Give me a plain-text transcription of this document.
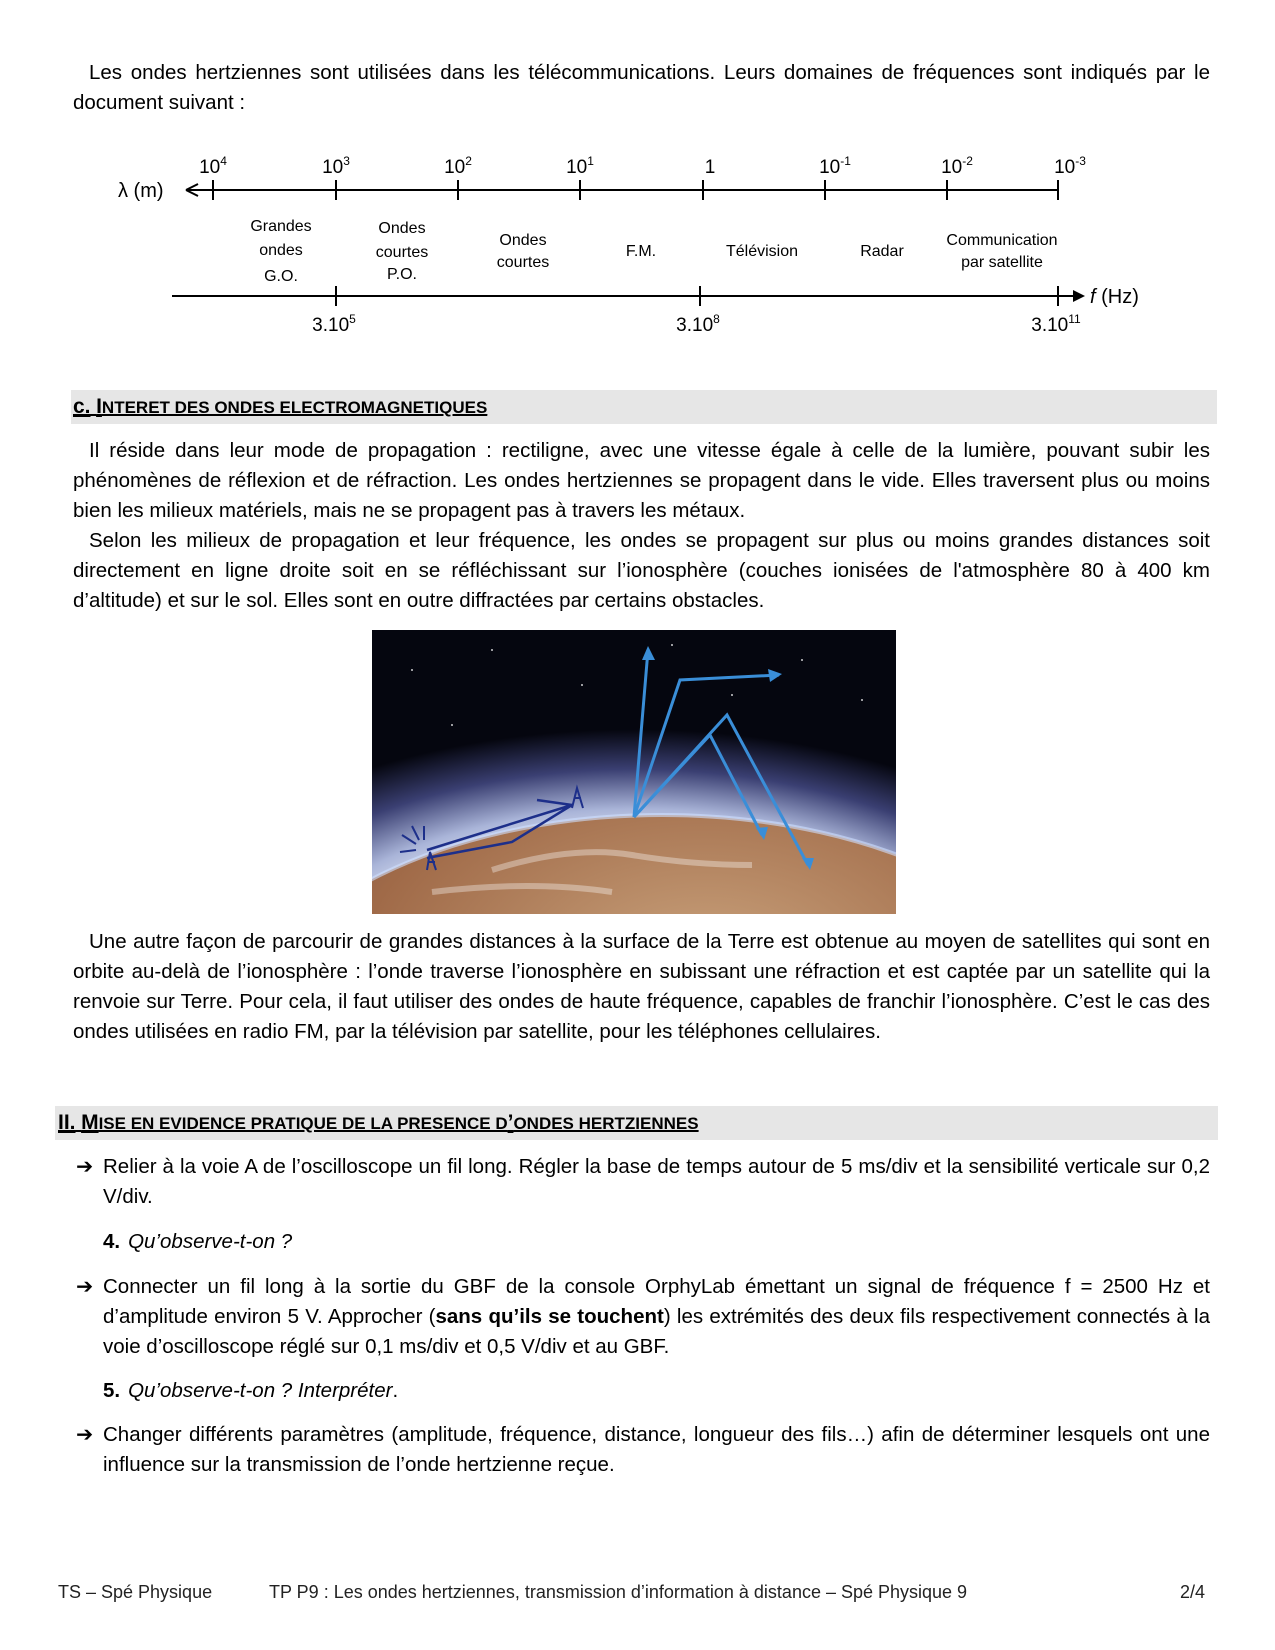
Les ondes hertziennes sont utilisées dans les télécommunications. Leurs domaines de fréquences sont indiqués par le document suivant :
λ (m)
$10^4$	$10^3$	$10^2$	$10^1$	1	$10^{-1}$	$10^{-2}$	$10^{-3}$
Grandes
ondes
G.O.
Ondes
courtes
P.O.
Ondes
courtes
F.M.	Télévision	Radar
Communication
par satellite
f (Hz)
3.10$^5$	3.10$^8$	3.10$^{11}$
c. INTERET DES ONDES ELECTROMAGNETIQUES
Il réside dans leur mode de propagation : rectiligne, avec une vitesse égale à celle de la lumière, pouvant subir les phénomènes de réflexion et de réfraction. Les ondes hertziennes se propagent dans le vide. Elles traversent plus ou moins bien les milieux matériels, mais ne se propagent pas à travers les métaux.
Selon les milieux de propagation et leur fréquence, les ondes se propagent sur plus ou moins grandes distances soit directement en ligne droite soit en se réfléchissant sur l’ionosphère (couches ionisées de l'atmosphère 80 à 400 km d’altitude) et sur le sol. Elles sont en outre diffractées par certains obstacles.
Une autre façon de parcourir de grandes distances à la surface de la Terre est obtenue au moyen de satellites qui sont en orbite au-delà de l’ionosphère : l’onde traverse l’ionosphère en subissant une réfraction et est captée par un satellite qui la renvoie sur Terre. Pour cela, il faut utiliser des ondes de haute fréquence, capables de franchir l’ionosphère. C’est le cas des ondes utilisées en radio FM, par la télévision par satellite, pour les téléphones cellulaires.
II. MISE EN EVIDENCE PRATIQUE DE LA PRESENCE D’ONDES HERTZIENNES
➔ Relier à la voie A de l’oscilloscope un fil long. Régler la base de temps autour de 5 ms/div et la sensibilité verticale sur 0,2 V/div.
4. Qu’observe-t-on ?
➔ Connecter un fil long à la sortie du GBF de la console OrphyLab émettant un signal de fréquence f = 2500 Hz et d’amplitude environ 5 V. Approcher (sans qu’ils se touchent) les extrémités des deux fils respectivement connectés à la voie d’oscilloscope réglé sur 0,1 ms/div et 0,5 V/div et au GBF.
5. Qu’observe-t-on ? Interpréter.
➔ Changer différents paramètres (amplitude, fréquence, distance, longueur des fils…) afin de déterminer lesquels ont une influence sur la transmission de l’onde hertzienne reçue.
TS – Spé Physique	TP P9 : Les ondes hertziennes, transmission d’information à distance – Spé Physique 9	2/4
